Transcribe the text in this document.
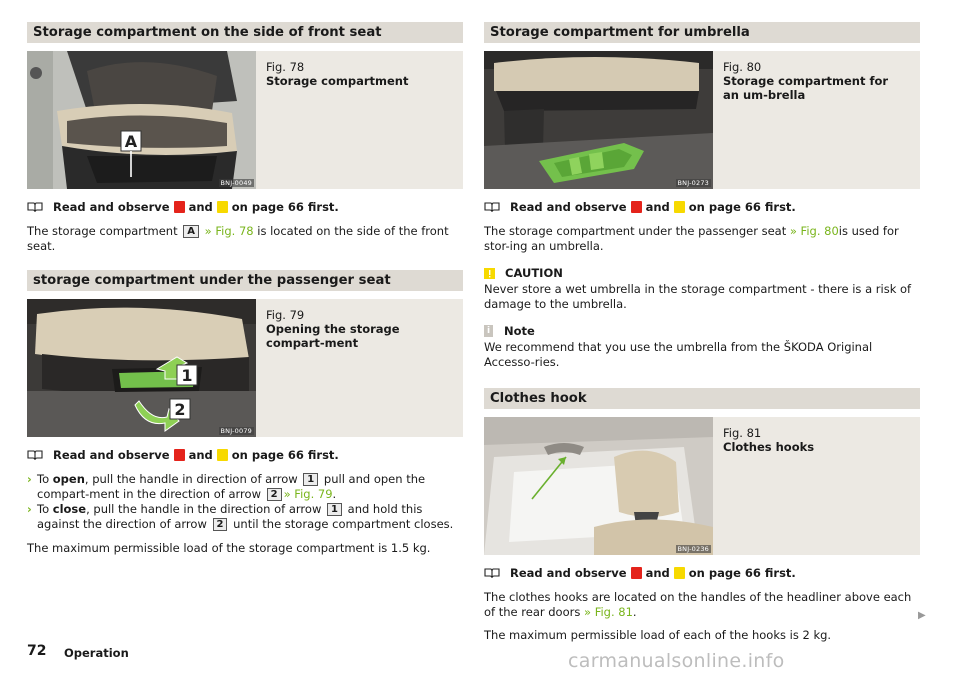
Storage compartment on the side of front seat
A
BNJ-0049
Fig. 78
Storage compartment
Read and observe and on page 66 first.
The storage compartment A » Fig. 78 is located on the side of the front seat.
storage compartment under the passenger seat
1
2
BNJ-0079
Fig. 79
Opening the storage compart-ment
Read and observe and on page 66 first.
› To open, pull the handle in direction of arrow 1 pull and open the compart-ment in the direction of arrow 2 » Fig. 79.
› To close, pull the handle in the direction of arrow 1 and hold this against the direction of arrow 2 until the storage compartment closes.
The maximum permissible load of the storage compartment is 1.5 kg.
Storage compartment for umbrella
BNJ-0273
Fig. 80
Storage compartment for an um-brella
Read and observe and on page 66 first.
The storage compartment under the passenger seat » Fig. 80is used for stor-ing an umbrella.
CAUTION
Never store a wet umbrella in the storage compartment - there is a risk of damage to the umbrella.
i Note
We recommend that you use the umbrella from the ŠKODA Original Accesso-ries.
Clothes hook
BNJ-0236
Fig. 81
Clothes hooks
Read and observe and on page 66 first.
The clothes hooks are located on the handles of the headliner above each of the rear doors » Fig. 81.
The maximum permissible load of each of the hooks is 2 kg.
▶
72 Operation	carmanualsonline.info
